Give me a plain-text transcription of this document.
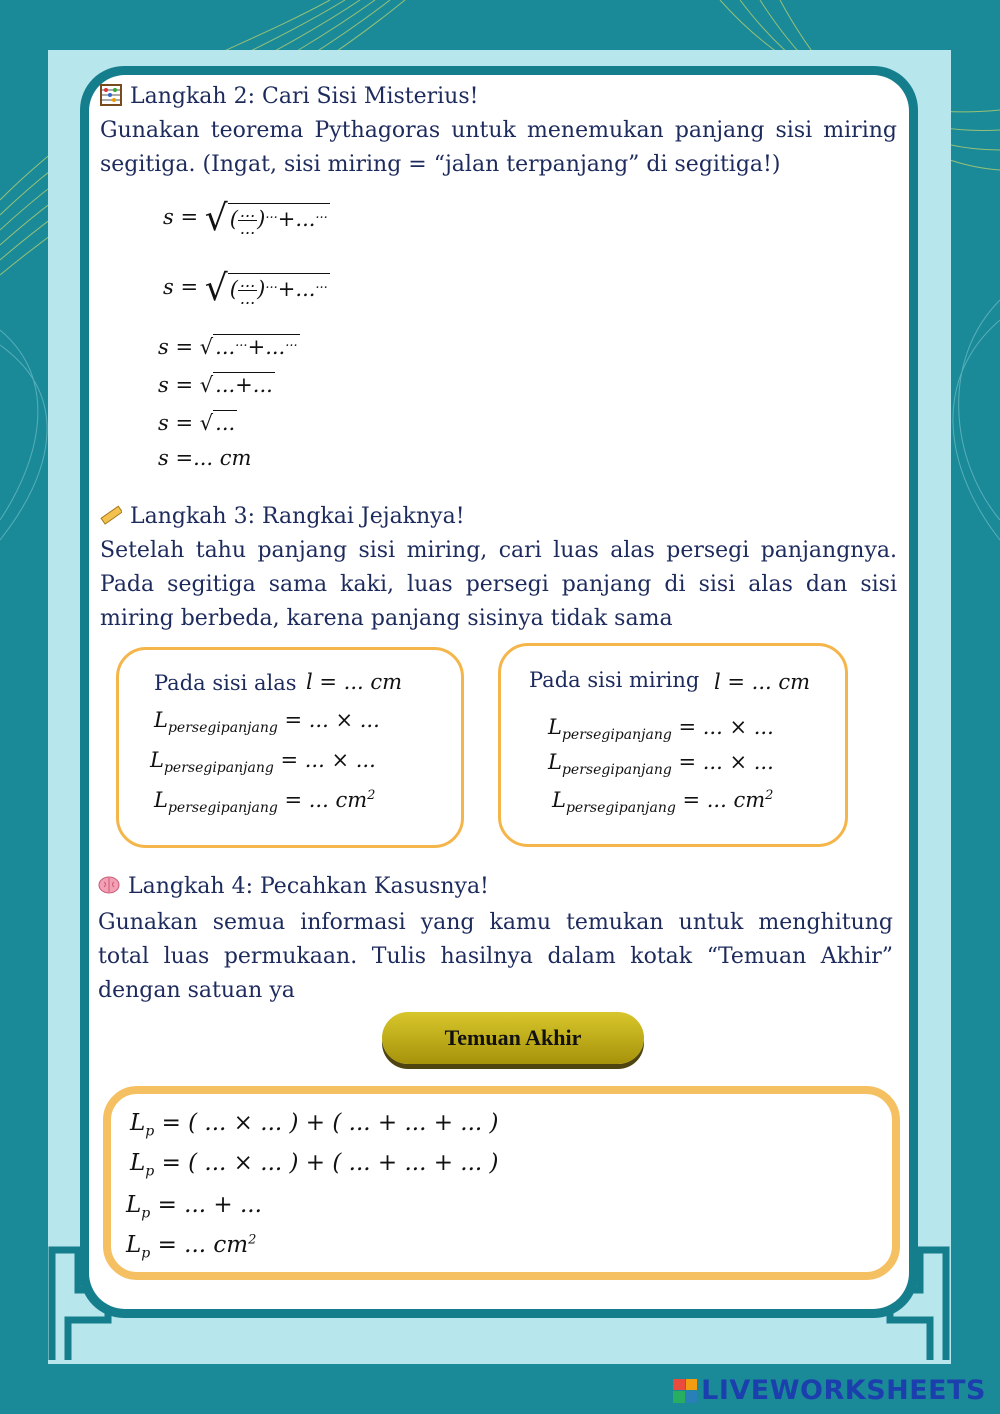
Langkah 2: Cari Sisi Misterius!
Gunakan teorema Pythagoras untuk menemukan panjang sisi miring segitiga. (Ingat, sisi miring = “jalan terpanjang” di segitiga!)
s = √( $\frac{...}{...} )^{...}+...^{...}$
s = √( $\frac{...}{...} )^{...}+...^{...}$
s = √......+......
s = √...+...
s = √...
s =... cm
Langkah 3: Rangkai Jejaknya!
Setelah tahu panjang sisi miring, cari luas alas persegi panjangnya. Pada segitiga sama kaki, luas persegi panjang di sisi alas dan sisi miring berbeda, karena panjang sisinya tidak sama
Pada sisi alas l = ... cm
$L_{persegipanjang}$ = ... × ...
$L_{persegipanjang}$ = ... × ...
$L_{persegipanjang}$ = ... $cm^2$
Pada sisi miring l = ... cm
$L_{persegipanjang}$ = ... × ...
$L_{persegipanjang}$ = ... × ...
$L_{persegipanjang}$ = ... $cm^2$
Langkah 4: Pecahkan Kasusnya!
Gunakan semua informasi yang kamu temukan untuk menghitung total luas permukaan. Tulis hasilnya dalam kotak “Temuan Akhir” dengan satuan ya
Temuan Akhir
$L_p$ = ( ... × ... ) + ( ... + ... + ... )
$L_p$ = ( ... × ... ) + ( ... + ... + ... )
$L_p$ = ... + ...
$L_p$ = ... $cm^2$
LIVEWORKSHEETS
